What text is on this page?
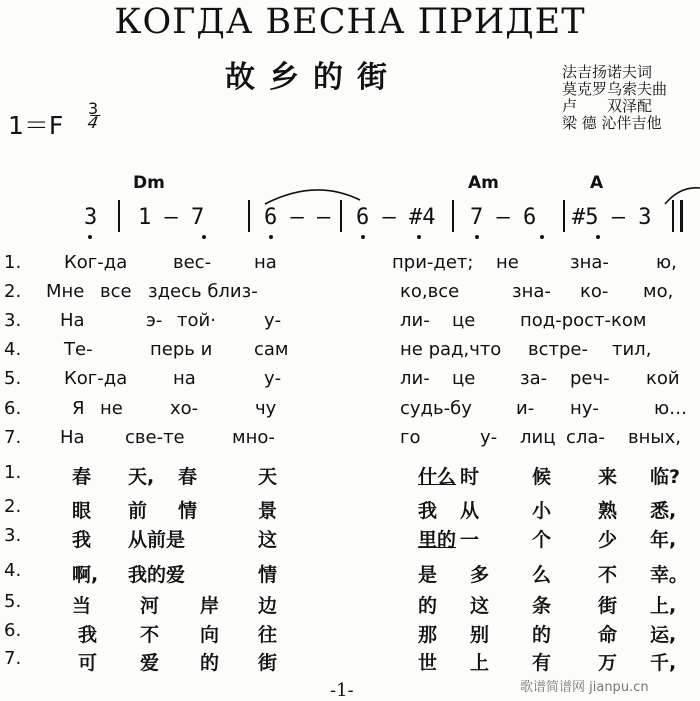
КОГДА ВЕСНА ПРИДЕТ
故乡的街	法吉扬诺夫词
莫克罗乌索夫曲
卢　　双泽配
梁 德 沁伴吉他
1＝F
3
4
Dm	Am	A
3 1 — 7	6 — — 6 — #4 7 — 6 #5 — 3
1. Ког-да	вес- на	при-дет; не	зна-	ю,
2. Мне все здесь близ-	ко,все	зна- ко- мо,
3. На	э- той·	у-	ли- це под-рост-ком
4. Те-	перь и сам	не рад,что встре- тил,
5. Ког-да	на	у-	ли- це за- реч- кой
6.	Я не	хо-	чу	судь-бу и- ну-	ю…
7. На све-те	мно-	го	у- лиц сла- вных,
1.	春 天, 春	天	什么 时	候 来 临?
2.	眼 前 情	景	我 从	小 熟 悉,
3.	我 从前是	这	里的 一	个 少 年,
4.	啊, 我的爱	情	是 多 么 不 幸。
5.	当	河 岸 边	的 这 条 街 上,
6.	我 不 向 往	那 别 的 命 运,
7.	可 爱 的 街	世 上 有 万 千,
-1-	歌谱简谱网 jianpu.cn
